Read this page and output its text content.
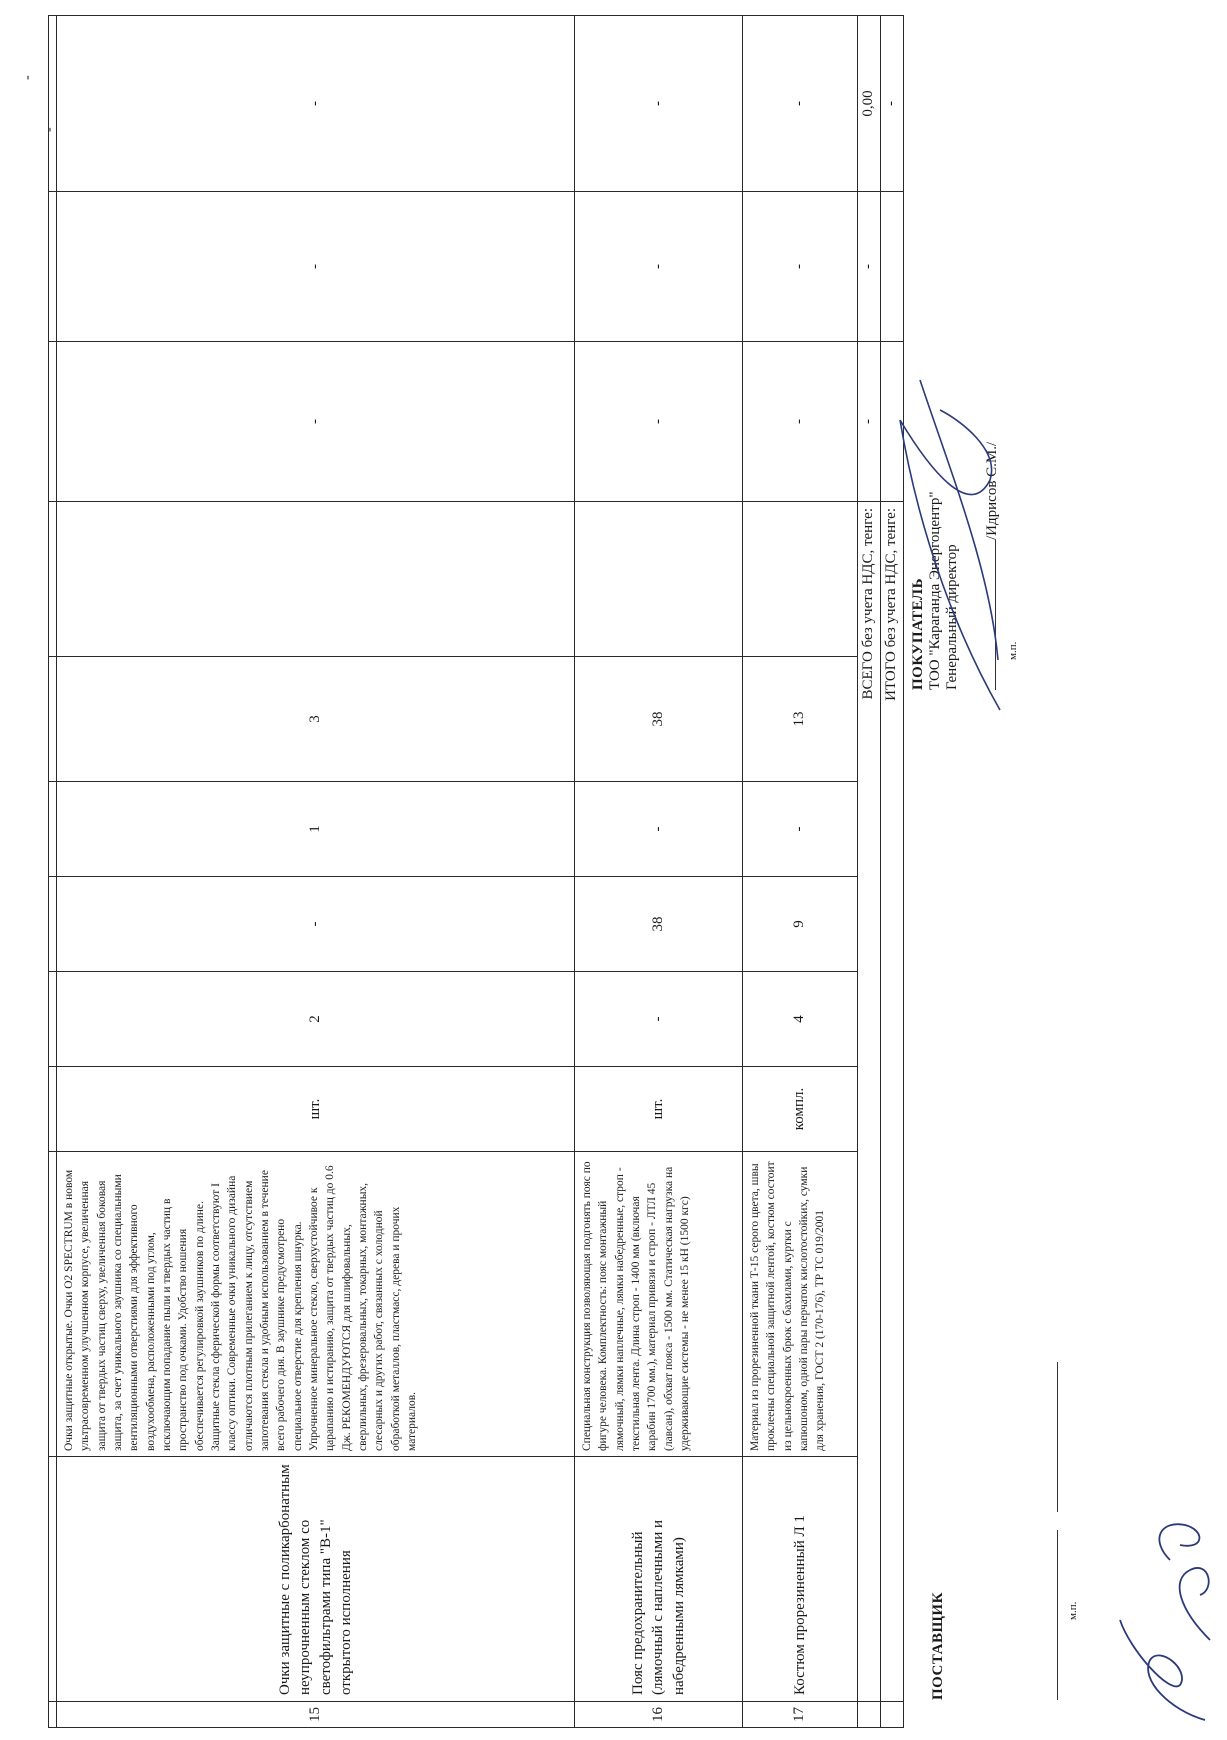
15	Очки защитные с поликарбонатным неупрочненным стеклом со светофильтрами типа "В-1" открытого исполнения	Очки защитные открытые. Очки O2 SPECTRUM в новом ультрасовременном улучшенном корпусе, увеличенная защита от твердых частиц сверху, увеличенная боковая защита, за счет уникального заушника со специальными вентиляционными отверстиями для эффективного воздухообмена, расположенными под углом, исключающим попадание пыли и твердых частиц в пространство под очками. Удобство ношения обеспечивается регулировкой заушников по длине. Защитные стекла сферической формы соответствуют I классу оптики. Современные очки уникального дизайна отличаются плотным прилеганием к лицу, отсутствием запотевания стекла и удобным использованием в течение всего рабочего дня. В заушнике предусмотрено специальное отверстие для крепления шнурка. Упрочненное минеральное стекло, сверхустойчивое к царапанию и истиранию, защита от твердых частиц до 0.6 Дж. РЕКОМЕНДУЮТСЯ для шлифовальных, сверлильных, фрезеровальных, токарных, монтажных, слесарных и других работ, связанных с холодной обработкой металлов, пластмасс, дерева и прочих материалов.	шт.	2	-	1	3		-	-	-
16	Пояс предохранительный (лямочный с наплечными и набедренными лямками)	Специальная конструкция позволяющая подгонять пояс по фигуре человека. Комплектность: пояс монтажный лямочный, лямки наплечные, лямки набедренные, строп - текстильная лента. Длина строп - 1400 мм (включая карабин 1700 мм.), материал привязи и строп - ЛТЛ 45 (лавсан), обхват пояса - 1500 мм. Статическая нагрузка на удерживающие системы - не менее 15 кН (1500 кгс)	шт.	-	38	-	38		-	-	-
17	Костюм прорезиненный Л 1	Материал из прорезиненной ткани Т-15 серого цвета, швы проклеены специальной защитной лентой, костюм состоит из цельнокроенных брюк с бахилами, куртки с капюшоном, одной пары перчаток кислотостойких, сумки для хранения, ГОСТ 2 (170-176), ТР ТС 019/2001	компл.	4	9	-	13		-	-	-
	ВСЕГО без учета НДС, тенге:								-	-	0,00
	ИТОГО без учета НДС, тенге:										-
-
-
ПОСТАВЩИК
	м.п.
ПОКУПАТЕЛЬ ТОО "Караганда Энергоцентр" Генеральный директор
/Идрисов С.М./
м.п.
